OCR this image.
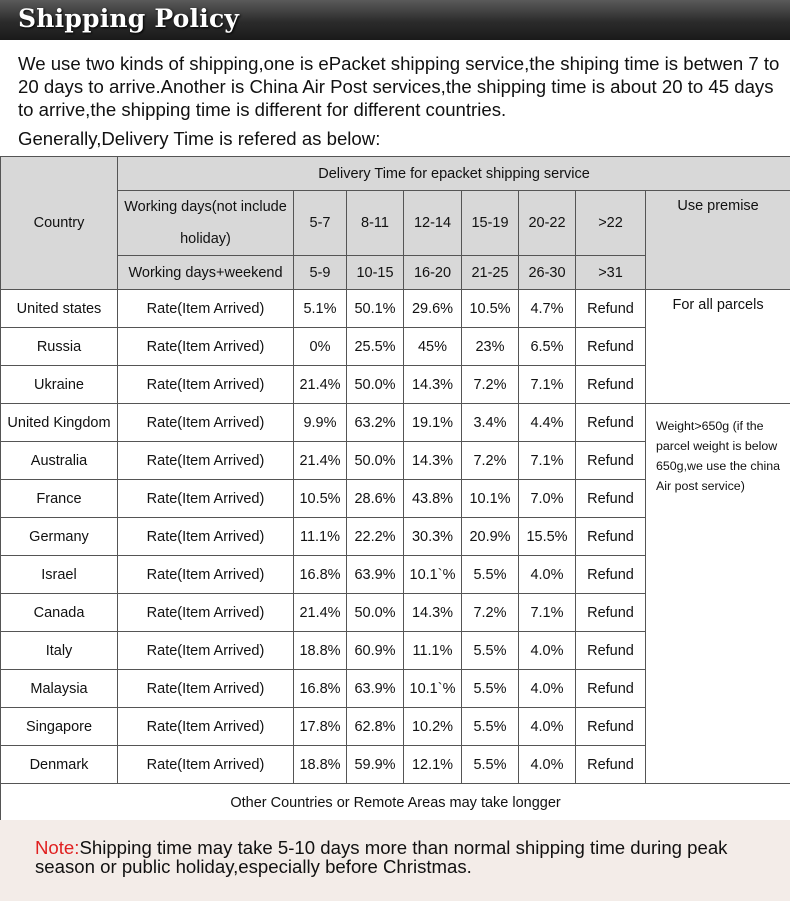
Shipping Policy

We use two kinds of shipping,one is ePacket shipping service,the shiping time is betwen 7 to 20 days to arrive.Another is China Air Post services,the shipping time is about 20 to 45 days to arrive,the shipping time is different for different countries.

Generally,Delivery Time is refered as below:

Country	Delivery Time for epacket shipping service							
	Working days(not include holiday)	5-7	8-11	12-14	15-19	20-22	>22	Use premise
	Working days+weekend	5-9	10-15	16-20	21-25	26-30	>31	
United states	Rate(Item Arrived)	5.1%	50.1%	29.6%	10.5%	4.7%	Refund	For all parcels
Russia	Rate(Item Arrived)	0%	25.5%	45%	23%	6.5%	Refund	
Ukraine	Rate(Item Arrived)	21.4%	50.0%	14.3%	7.2%	7.1%	Refund	
United Kingdom	Rate(Item Arrived)	9.9%	63.2%	19.1%	3.4%	4.4%	Refund	Weight>650g (if the parcel weight is below 650g,we use the china Air post service)
Australia	Rate(Item Arrived)	21.4%	50.0%	14.3%	7.2%	7.1%	Refund	
France	Rate(Item Arrived)	10.5%	28.6%	43.8%	10.1%	7.0%	Refund	
Germany	Rate(Item Arrived)	11.1%	22.2%	30.3%	20.9%	15.5%	Refund	
Israel	Rate(Item Arrived)	16.8%	63.9%	10.1`%	5.5%	4.0%	Refund	
Canada	Rate(Item Arrived)	21.4%	50.0%	14.3%	7.2%	7.1%	Refund	
Italy	Rate(Item Arrived)	18.8%	60.9%	11.1%	5.5%	4.0%	Refund	
Malaysia	Rate(Item Arrived)	16.8%	63.9%	10.1`%	5.5%	4.0%	Refund	
Singapore	Rate(Item Arrived)	17.8%	62.8%	10.2%	5.5%	4.0%	Refund	
Denmark	Rate(Item Arrived)	18.8%	59.9%	12.1%	5.5%	4.0%	Refund	
Other Countries or Remote Areas may take longger								
Note:Shipping time may take 5-10 days more than normal shipping time during peak season or public holiday,especially before Christmas.
